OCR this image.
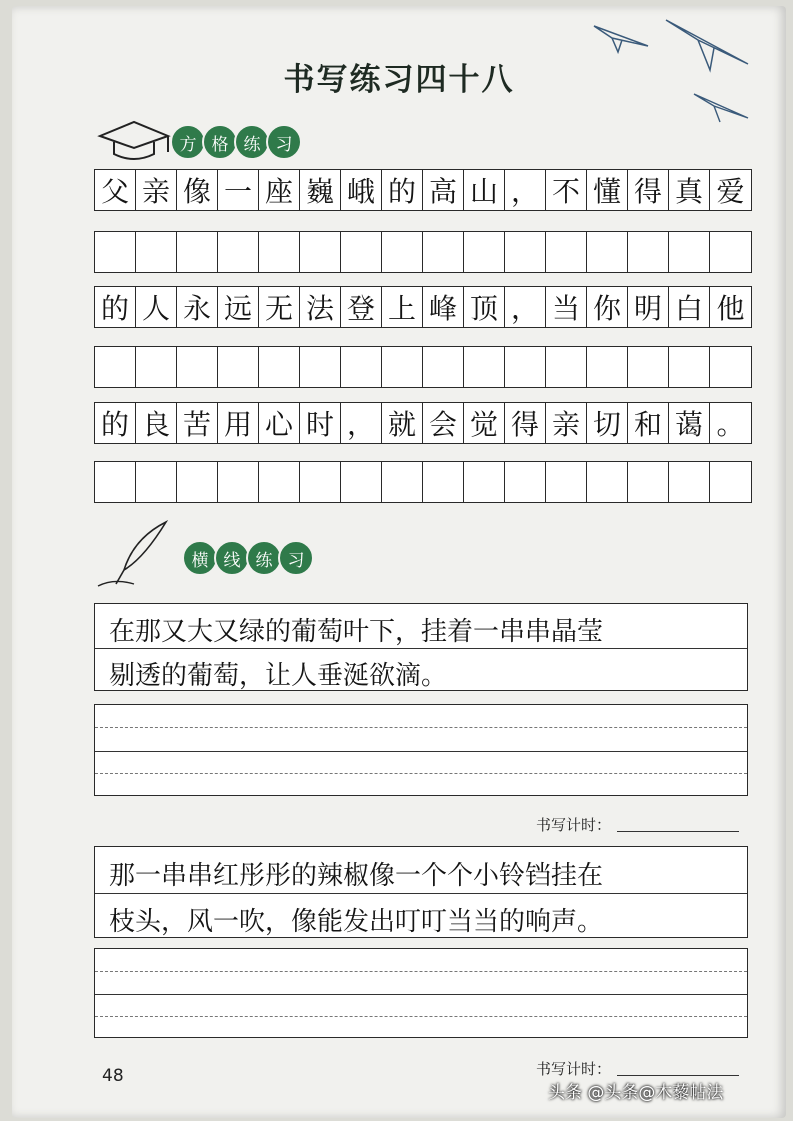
书写练习四十八
方 格 练 习
父 亲 像 一 座 巍 峨 的 高 山 ， 不 懂 得 真 爱
的 人 永 远 无 法 登 上 峰 顶 ， 当 你 明 白 他
的 良 苦 用 心 时 ， 就 会 觉 得 亲 切 和 蔼 。
横 线 练 习
在那又大又绿的葡萄叶下，挂着一串串晶莹
剔透的葡萄，让人垂涎欲滴。
书写计时：
那一串串红彤彤的辣椒像一个个小铃铛挂在
枝头，风一吹，像能发出叮叮当当的响声。
48	书写计时：
头条 @头条@木藜帖法
